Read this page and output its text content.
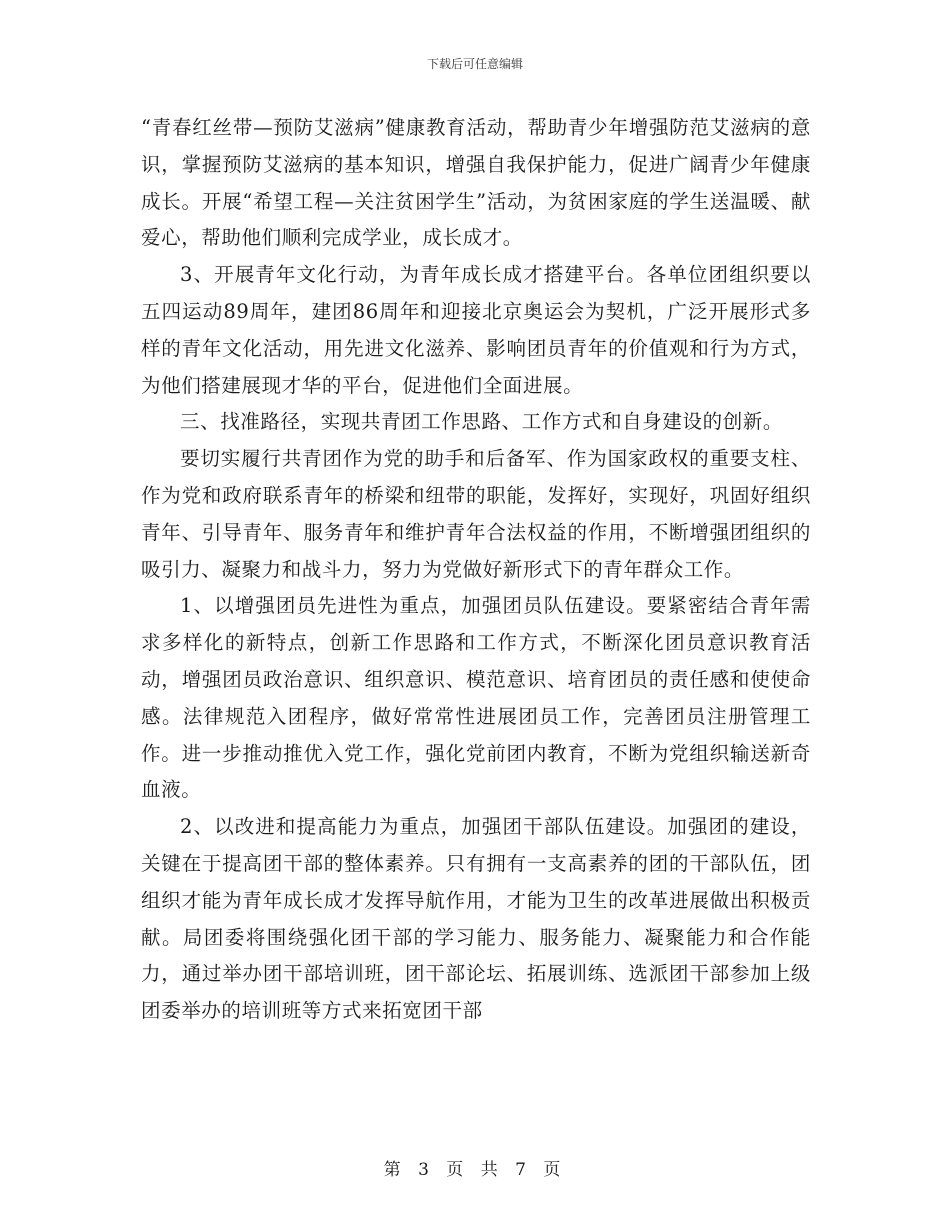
下载后可任意编辑

“青春红丝带—预防艾滋病”健康教育活动，帮助青少年增强防范艾滋病的意识，掌握预防艾滋病的基本知识，增强自我保护能力，促进广阔青少年健康成长。开展“希望工程—关注贫困学生”活动，为贫困家庭的学生送温暖、献爱心，帮助他们顺利完成学业，成长成才。

3、开展青年文化行动，为青年成长成才搭建平台。各单位团组织要以五四运动89周年，建团86周年和迎接北京奥运会为契机，广泛开展形式多样的青年文化活动，用先进文化滋养、影响团员青年的价值观和行为方式，为他们搭建展现才华的平台，促进他们全面进展。

三、找准路径，实现共青团工作思路、工作方式和自身建设的创新。

要切实履行共青团作为党的助手和后备军、作为国家政权的重要支柱、作为党和政府联系青年的桥梁和纽带的职能，发挥好，实现好，巩固好组织青年、引导青年、服务青年和维护青年合法权益的作用，不断增强团组织的吸引力、凝聚力和战斗力，努力为党做好新形式下的青年群众工作。

1、以增强团员先进性为重点，加强团员队伍建设。要紧密结合青年需求多样化的新特点，创新工作思路和工作方式，不断深化团员意识教育活动，增强团员政治意识、组织意识、模范意识、培育团员的责任感和使使命感。法律规范入团程序，做好常常性进展团员工作，完善团员注册管理工作。进一步推动推优入党工作，强化党前团内教育，不断为党组织输送新奇血液。

2、以改进和提高能力为重点，加强团干部队伍建设。加强团的建设，关键在于提高团干部的整体素养。只有拥有一支高素养的团的干部队伍，团组织才能为青年成长成才发挥导航作用，才能为卫生的改革进展做出积极贡献。局团委将围绕强化团干部的学习能力、服务能力、凝聚能力和合作能力，通过举办团干部培训班，团干部论坛、拓展训练、选派团干部参加上级团委举办的培训班等方式来拓宽团干部

第 3 页 共 7 页
